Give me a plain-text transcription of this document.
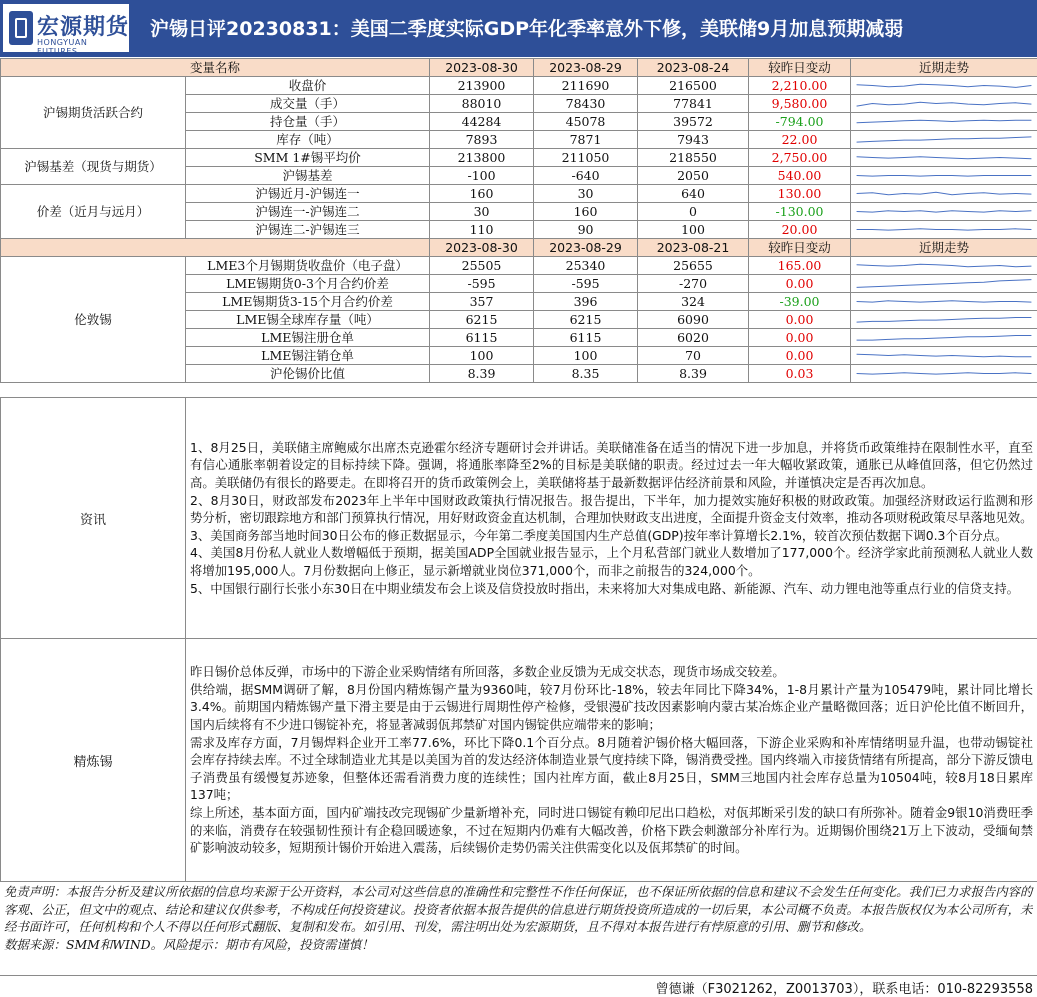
宏源期货
HONGYUAN FUTURES
沪锡日评20230831：美国二季度实际GDP年化季率意外下修，美联储9月加息预期减弱
变量名称		2023-08-30	2023-08-29	2023-08-24	较昨日变动	近期走势
沪锡期货活跃合约	收盘价	213900	211690	216500	2,210.00	

	成交量（手）	88010	78430	77841	9,580.00	

	持仓量（手）	44284	45078	39572	-794.00	

	库存（吨）	7893	7871	7943	22.00	

沪锡基差（现货与期货）	SMM 1#锡平均价	213800	211050	218550	2,750.00	

	沪锡基差	-100	-640	2050	540.00	

价差（近月与远月）	沪锡近月-沪锡连一	160	30	640	130.00	

	沪锡连一-沪锡连二	30	160	0	-130.00	

	沪锡连二-沪锡连三	110	90	100	20.00	

		2023-08-30	2023-08-29	2023-08-21	较昨日变动	近期走势
伦敦锡	LME3个月锡期货收盘价（电子盘）	25505	25340	25655	165.00	

	LME锡期货0-3个月合约价差	-595	-595	-270	0.00	

	LME锡期货3-15个月合约价差	357	396	324	-39.00	

	LME锡全球库存量（吨）	6215	6215	6090	0.00	

	LME锡注册仓单	6115	6115	6020	0.00	

	LME锡注销仓单	100	100	70	0.00	

	沪伦锡价比值	8.39	8.35	8.39	0.03	
资讯	1、8月25日，美联储主席鲍威尔出席杰克逊霍尔经济专题研讨会并讲话。美联储准备在适当的情况下进一步加息，并将货币政策维持在限制性水平，直至有信心通胀率朝着设定的目标持续下降。强调，将通胀率降至2%的目标是美联储的职责。经过过去一年大幅收紧政策，通胀已从峰值回落，但它仍然过高。美联储仍有很长的路要走。在即将召开的货币政策例会上，美联储将基于最新数据评估经济前景和风险，并谨慎决定是否再次加息。

2、8月30日，财政部发布2023年上半年中国财政政策执行情况报告。报告提出，下半年，加力提效实施好积极的财政政策。加强经济财政运行监测和形势分析，密切跟踪地方和部门预算执行情况，用好财政资金直达机制，合理加快财政支出进度，全面提升资金支付效率，推动各项财税政策尽早落地见效。

3、美国商务部当地时间30日公布的修正数据显示，今年第二季度美国国内生产总值(GDP)按年率计算增长2.1%，较首次预估数据下调0.3个百分点。

4、美国8月份私人就业人数增幅低于预期，据美国ADP全国就业报告显示，上个月私营部门就业人数增加了177,000个。经济学家此前预测私人就业人数将增加195,000人。7月份数据向上修正，显示新增就业岗位371,000个，而非之前报告的324,000个。

5、中国银行副行长张小东30日在中期业绩发布会上谈及信贷投放时指出，未来将加大对集成电路、新能源、汽车、动力锂电池等重点行业的信贷支持。

精炼锡	昨日锡价总体反弹，市场中的下游企业采购情绪有所回落，多数企业反馈为无成交状态，现货市场成交较差。

供给端，据SMM调研了解，8月份国内精炼锡产量为9360吨，较7月份环比-18%，较去年同比下降34%，1-8月累计产量为105479吨，累计同比增长3.4%。前期国内精炼锡产量下滑主要是由于云锡进行周期性停产检修，受银漫矿技改因素影响内蒙古某冶炼企业产量略微回落；近日沪伦比值不断回升，国内后续将有不少进口锡锭补充，将显著减弱佤邦禁矿对国内锡锭供应端带来的影响；

需求及库存方面，7月锡焊料企业开工率77.6%，环比下降0.1个百分点。8月随着沪锡价格大幅回落，下游企业采购和补库情绪明显升温，也带动锡锭社会库存持续去库。不过全球制造业尤其是以美国为首的发达经济体制造业景气度持续下降，锡消费受挫。国内终端入市接货情绪有所提高，部分下游反馈电子消费虽有缓慢复苏迹象，但整体还需看消费力度的连续性；国内社库方面，截止8月25日，SMM三地国内社会库存总量为10504吨，较8月18日累库137吨；

综上所述，基本面方面，国内矿端技改完现锡矿少量新增补充，同时进口锡锭有赖印尼出口趋松，对佤邦断采引发的缺口有所弥补。随着金9银10消费旺季的来临，消费存在较强韧性预计有企稳回暖迹象，不过在短期内仍难有大幅改善，价格下跌会刺激部分补库行为。近期锡价围绕21万上下波动，受缅甸禁矿影响波动较多，短期预计锡价开始进入震荡，后续锡价走势仍需关注供需变化以及佤邦禁矿的时间。

免责声明：本报告分析及建议所依据的信息均来源于公开资料，本公司对这些信息的准确性和完整性不作任何保证，也不保证所依据的信息和建议不会发生任何变化。我们已力求报告内容的客观、公正，但文中的观点、结论和建议仅供参考，不构成任何投资建议。投资者依据本报告提供的信息进行期货投资所造成的一切后果，本公司概不负责。本报告版权仅为本公司所有，未经书面许可，任何机构和个人不得以任何形式翻版、复制和发布。如引用、刊发，需注明出处为宏源期货，且不得对本报告进行有悖原意的引用、删节和修改。

数据来源：SMM和WIND。风险提示：期市有风险，投资需谨慎！

曾德谦（F3021262，Z0013703），联系电话：010-82293558
